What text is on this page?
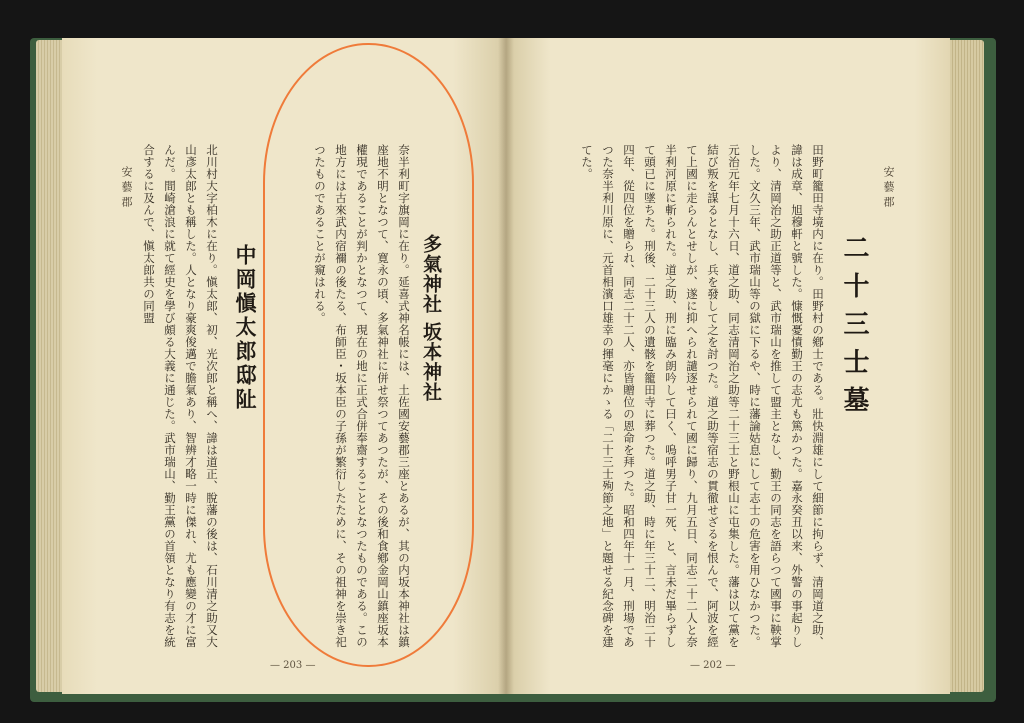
安藝郡
多氣神社 坂本神社
奈半利町字旗岡に在り。延喜式神名帳には、土佐國安藝郡三座とあるが、其の内坂本神社は鎮座地不明となつて、寛永の頃、多氣神社に併せ祭つてあつたが、その後和食鄕金岡山鎮座坂本權現であることが判かとなつて、現在の地に正式合併奉齋することとなつたものである。この地方には古來武内宿禰の後たる、布師臣・坂本臣の子孫が繁衍したために、その祖神を崇き祀つたものであることが窺はれる。
中岡愼太郎邸阯
北川村大字柏木に在り。愼太郎、初、光次郎と稱へ、諱は道正、脫藩の後は、石川清之助又大山彥太郎とも稱した。人となり豪爽俊邁で膽氣あり、智辨才略一時に傑れ、尤も應變の才に富んだ。間崎滄浪に就て經史を學び頗る大義に通じた。武市瑞山、勤王黨の首領となり有志を統合するに及んで、愼太郎共の同盟
— 203 —
安藝郡
二十三士墓
田野町籠田寺境内に在り。田野村の鄕士である。壯快淵雄にして細節に拘らず、清岡道之助、諱は成章、旭穆軒と號した。慷慨憂憤勤王の志尤も篤かつた。嘉永癸丑以来、外警の事起りしより、清岡治之助正道等と、武市瑞山を推して盟主となし、勤王の同志を語らつて國事に鞅掌した。文久三年、武市瑞山等の獄に下るや、時に藩論姑息にして志士の危害を用ひなかつた。元治元年七月十六日、道之助、同志清岡治之助等二十三士と野根山に屯集した。藩は以て黨を結び叛を謀るとなし、兵を發して之を討つた。道之助等宿志の貫徹せざるを恨んで、阿波を經て上國に走らんとせしが、遂に抑へられ譴逐せられて國に歸り、九月五日、同志二十二人と奈半利河原に斬られた。道之助、刑に臨み朗吟して曰く、嗚呼男子甘一死、と、言未だ畢らずして頭已に墜ちた。刑後、二十三人の遺骸を籠田寺に葬つた。道之助、時に年三十二、明治二十四年、從四位を贈られ、同志二十二人、亦皆贈位の恩命を拜つた。昭和四年十一月、刑場であつた奈半利川原に、元首相濱口雄幸の揮毫にかゝる「二十三士殉節之地」と題せる紀念碑を建てた。
— 202 —
